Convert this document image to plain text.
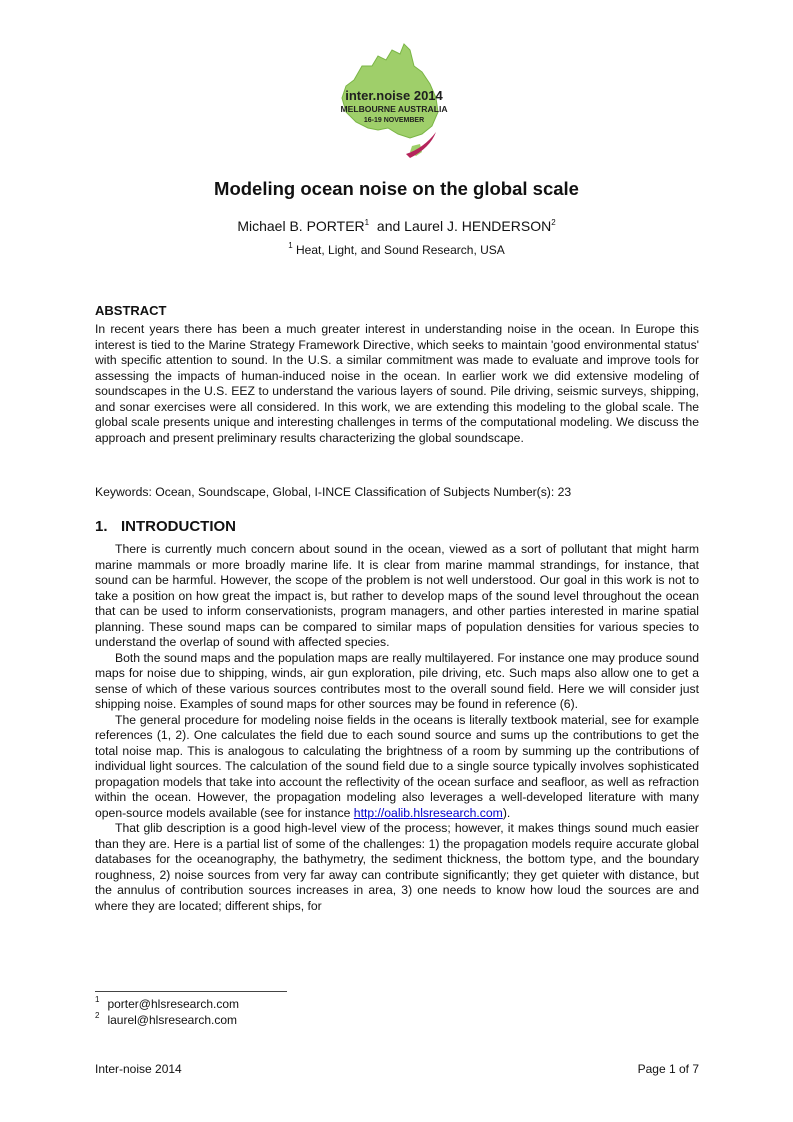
inter.noise 2014
MELBOURNE AUSTRALIA
16-19 NOVEMBER
Modeling ocean noise on the global scale
Michael B. PORTER$^1$ and Laurel J. HENDERSON$^2$
$^1$ Heat, Light, and Sound Research, USA
ABSTRACT

In recent years there has been a much greater interest in understanding noise in the ocean. In Europe this interest is tied to the Marine Strategy Framework Directive, which seeks to maintain 'good environmental status' with specific attention to sound. In the U.S. a similar commitment was made to evaluate and improve tools for assessing the impacts of human-induced noise in the ocean. In earlier work we did extensive modeling of soundscapes in the U.S. EEZ to understand the various layers of sound. Pile driving, seismic surveys, shipping, and sonar exercises were all considered. In this work, we are extending this modeling to the global scale. The global scale presents unique and interesting challenges in terms of the computational modeling. We discuss the approach and present preliminary results characterizing the global soundscape.

Keywords: Ocean, Soundscape, Global, I-INCE Classification of Subjects Number(s): 23
1. INTRODUCTION

There is currently much concern about sound in the ocean, viewed as a sort of pollutant that might harm marine mammals or more broadly marine life. It is clear from marine mammal strandings, for instance, that sound can be harmful. However, the scope of the problem is not well understood. Our goal in this work is not to take a position on how great the impact is, but rather to develop maps of the sound level throughout the ocean that can be used to inform conservationists, program managers, and other parties interested in marine spatial planning. These sound maps can be compared to similar maps of population densities for various species to understand the overlap of sound with affected species.

Both the sound maps and the population maps are really multilayered. For instance one may produce sound maps for noise due to shipping, winds, air gun exploration, pile driving, etc. Such maps also allow one to get a sense of which of these various sources contributes most to the overall sound field. Here we will consider just shipping noise. Examples of sound maps for other sources may be found in reference (6).

The general procedure for modeling noise fields in the oceans is literally textbook material, see for example references (1, 2). One calculates the field due to each sound source and sums up the contributions to get the total noise map. This is analogous to calculating the brightness of a room by summing up the contributions of individual light sources. The calculation of the sound field due to a single source typically involves sophisticated propagation models that take into account the reflectivity of the ocean surface and seafloor, as well as refraction within the ocean. However, the propagation modeling also leverages a well-developed literature with many open-source models available (see for instance http://oalib.hlsresearch.com).

That glib description is a good high-level view of the process; however, it makes things sound much easier than they are. Here is a partial list of some of the challenges: 1) the propagation models require accurate global databases for the oceanography, the bathymetry, the sediment thickness, the bottom type, and the boundary roughness, 2) noise sources from very far away can contribute significantly; they get quieter with distance, but the annulus of contribution sources increases in area, 3) one needs to know how loud the sources are and where they are located; different ships, for

$^1$ porter@hlsresearch.com
$^2$ laurel@hlsresearch.com
Inter-noise 2014	Page 1 of 7
